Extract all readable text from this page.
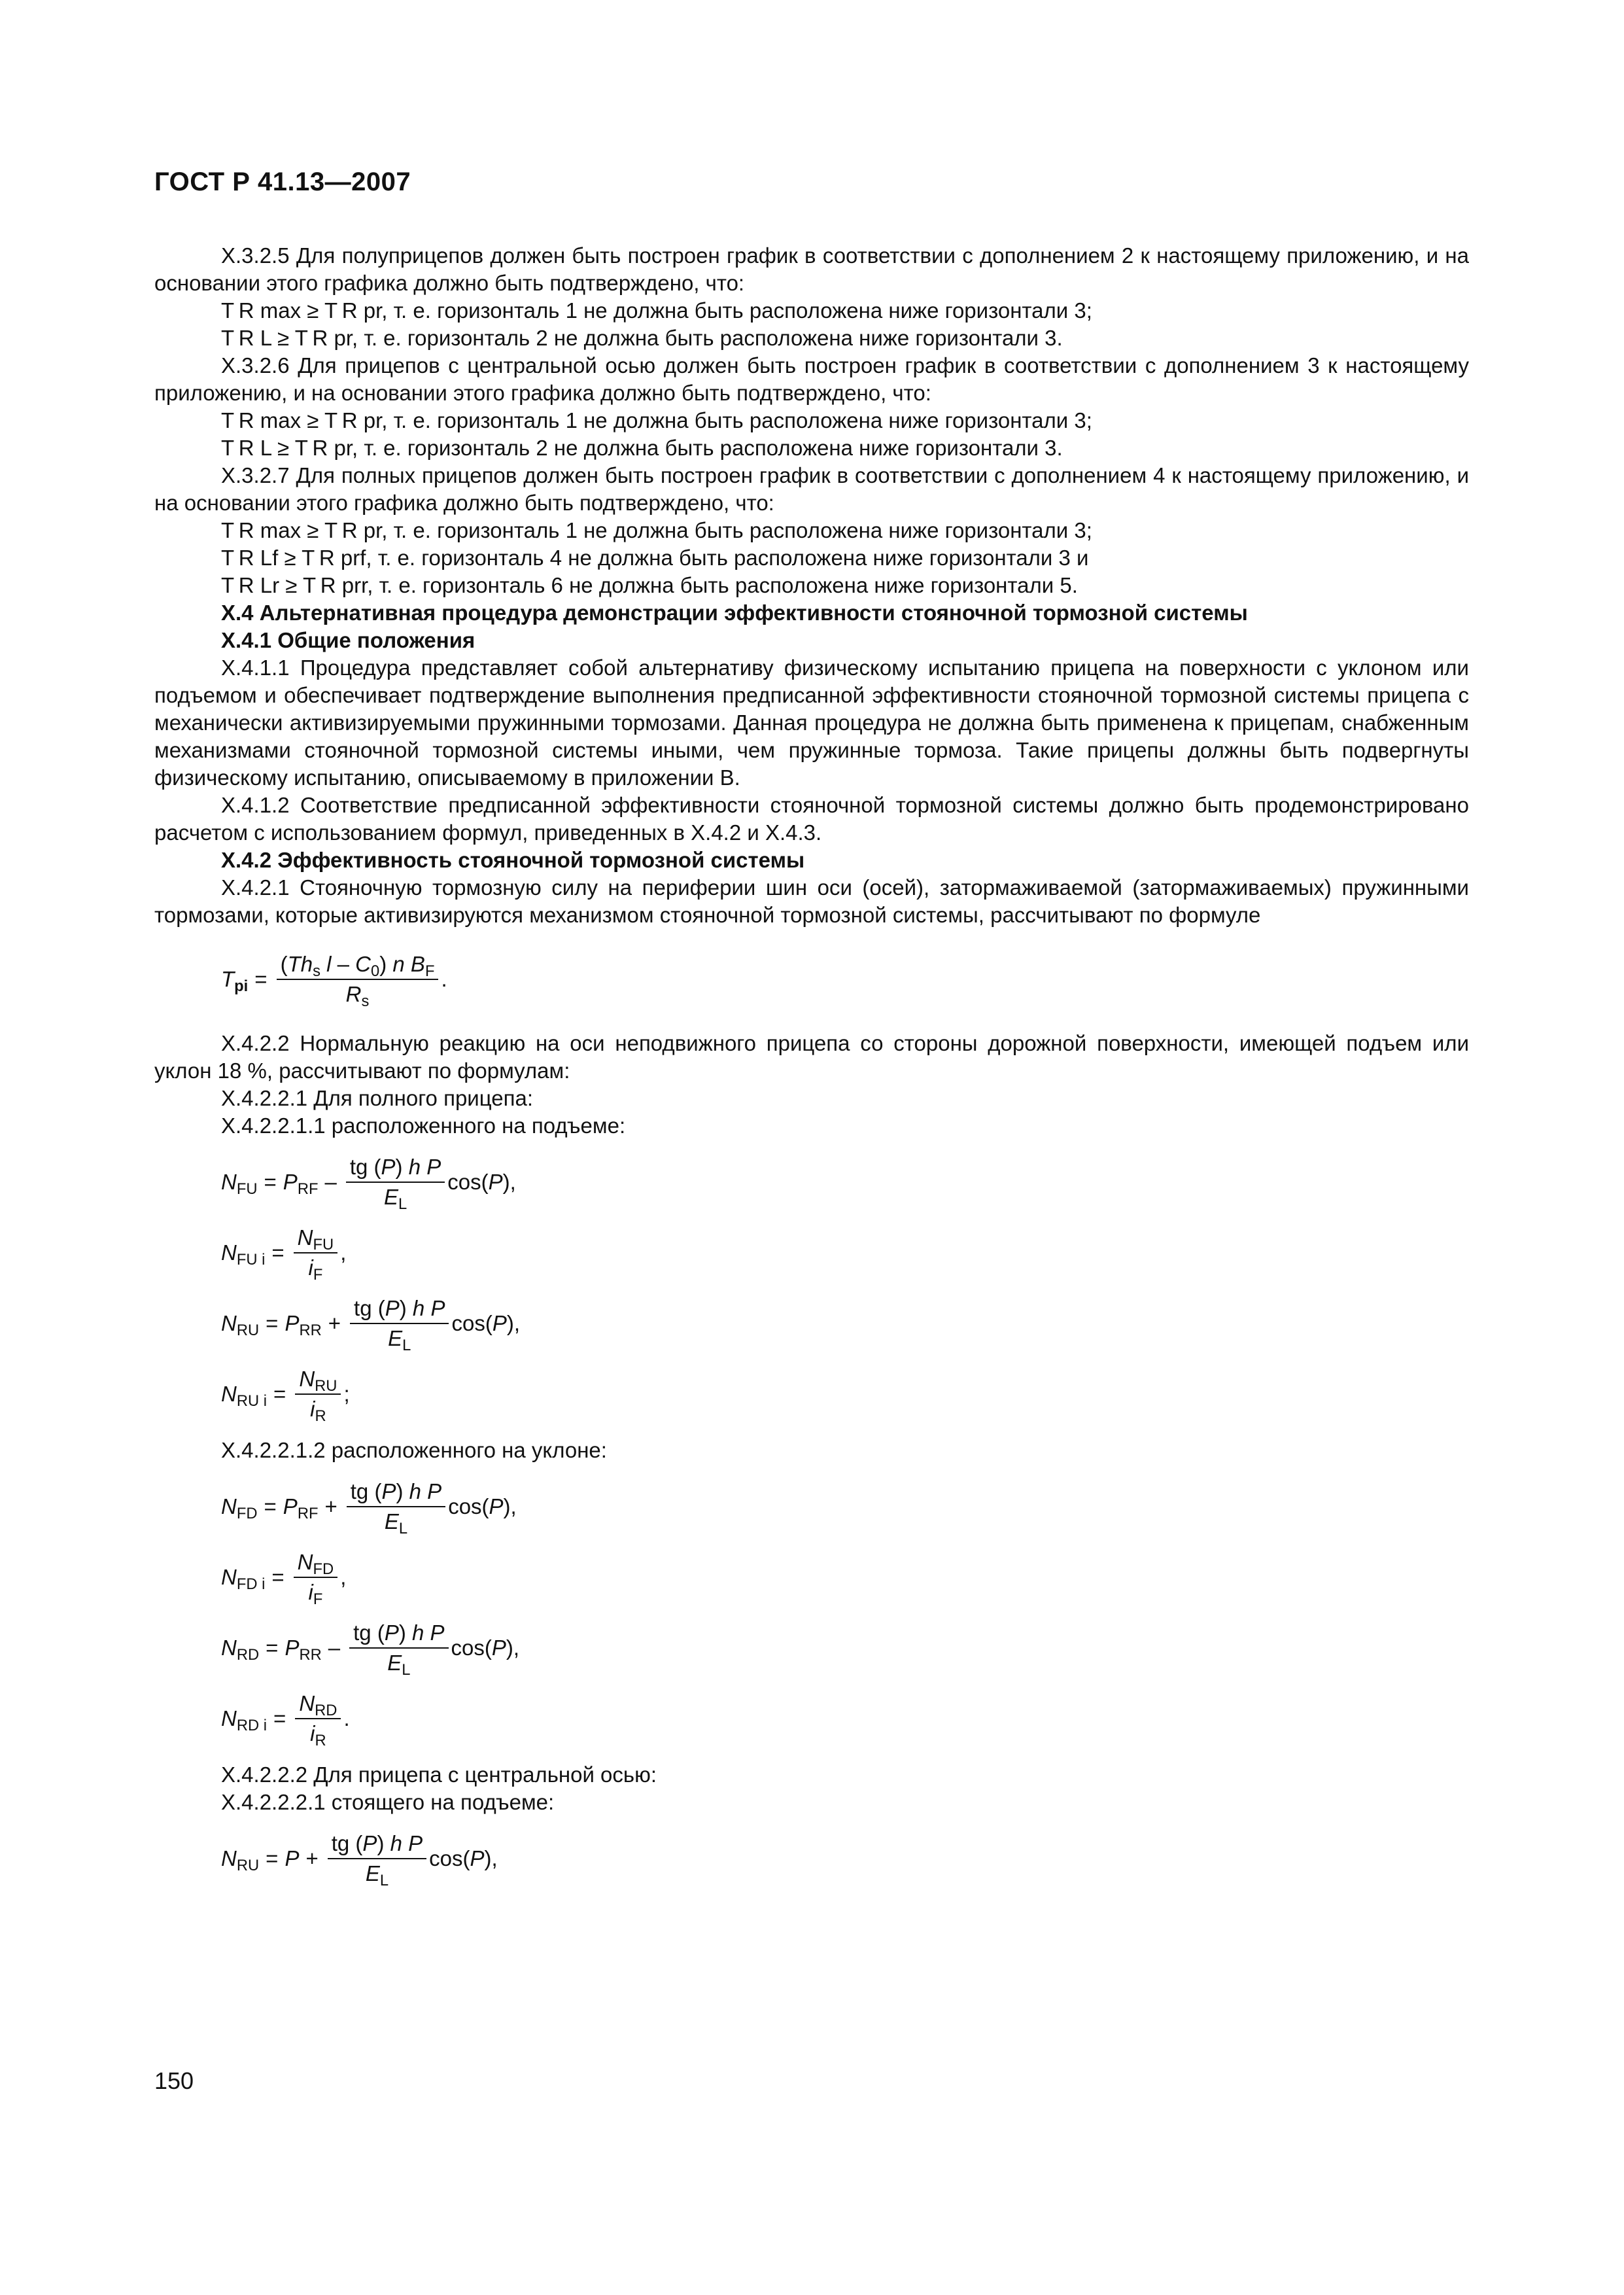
ГОСТ Р 41.13—2007

Х.3.2.5 Для полуприцепов должен быть построен график в соответствии с дополнением 2 к настоящему приложению, и на основании этого графика должно быть подтверждено, что:

T R max ≥ T R pr, т. е. горизонталь 1 не должна быть расположена ниже горизонтали 3;

T R L ≥ T R pr, т. е. горизонталь 2 не должна быть расположена ниже горизонтали 3.

Х.3.2.6 Для прицепов с центральной осью должен быть построен график в соответствии с дополнением 3 к настоящему приложению, и на основании этого графика должно быть подтверждено, что:

T R max ≥ T R pr, т. е. горизонталь 1 не должна быть расположена ниже горизонтали 3;

T R L ≥ T R pr, т. е. горизонталь 2 не должна быть расположена ниже горизонтали 3.

Х.3.2.7 Для полных прицепов должен быть построен график в соответствии с дополнением 4 к настоящему приложению, и на основании этого графика должно быть подтверждено, что:

T R max ≥ T R pr, т. е. горизонталь 1 не должна быть расположена ниже горизонтали 3;

T R Lf ≥ T R prf, т. е. горизонталь 4 не должна быть расположена ниже горизонтали 3 и

T R Lr ≥ T R prr, т. е. горизонталь 6 не должна быть расположена ниже горизонтали 5.

Х.4 Альтернативная процедура демонстрации эффективности стояночной тормозной системы

Х.4.1 Общие положения

Х.4.1.1 Процедура представляет собой альтернативу физическому испытанию прицепа на поверхности с уклоном или подъемом и обеспечивает подтверждение выполнения предписанной эффективности стояночной тормозной системы прицепа с механически активизируемыми пружинными тормозами. Данная процедура не должна быть применена к прицепам, снабженным механизмами стояночной тормозной системы иными, чем пружинные тормоза. Такие прицепы должны быть подвергнуты физическому испытанию, описываемому в приложении В.

Х.4.1.2 Соответствие предписанной эффективности стояночной тормозной системы должно быть продемонстрировано расчетом с использованием формул, приведенных в Х.4.2 и Х.4.3.

Х.4.2 Эффективность стояночной тормозной системы

Х.4.2.1 Стояночную тормозную силу на периферии шин оси (осей), затормаживаемой (затормаживаемых) пружинными тормозами, которые активизируются механизмом стояночной тормозной системы, рассчитывают по формуле

$T_{pi} = \frac{(Th_s l - C_0) n B_F}{R_s}$ .

Х.4.2.2 Нормальную реакцию на оси неподвижного прицепа со стороны дорожной поверхности, имеющей подъем или уклон 18 %, рассчитывают по формулам:

Х.4.2.2.1 Для полного прицепа:

Х.4.2.2.1.1 расположенного на подъеме:

$N_{FU} = P_{RF} - \frac{\text{tg (P) h P}}{E_L} \cos(P)$,
$N_{FU i} = \frac{N_{FU}}{i_F}$ ,
$N_{RU} = P_{RR} + \frac{\text{tg (P) h P}}{E_L} \cos(P)$,
$N_{RU i} = \frac{N_{RU}}{i_R}$ ;

Х.4.2.2.1.2 расположенного на уклоне:

$N_{FD} = P_{RF} + \frac{\text{tg (P) h P}}{E_L} \cos(P)$,
$N_{FD i} = \frac{N_{FD}}{i_F}$ ,
$N_{RD} = P_{RR} - \frac{\text{tg (P) h P}}{E_L} \cos(P)$,
$N_{RD i} = \frac{N_{RD}}{i_R}$ .

Х.4.2.2.2 Для прицепа с центральной осью:

Х.4.2.2.2.1 стоящего на подъеме:

$N_{RU} = P + \frac{\text{tg (P) h P}}{E_L} \cos(P)$,
150
